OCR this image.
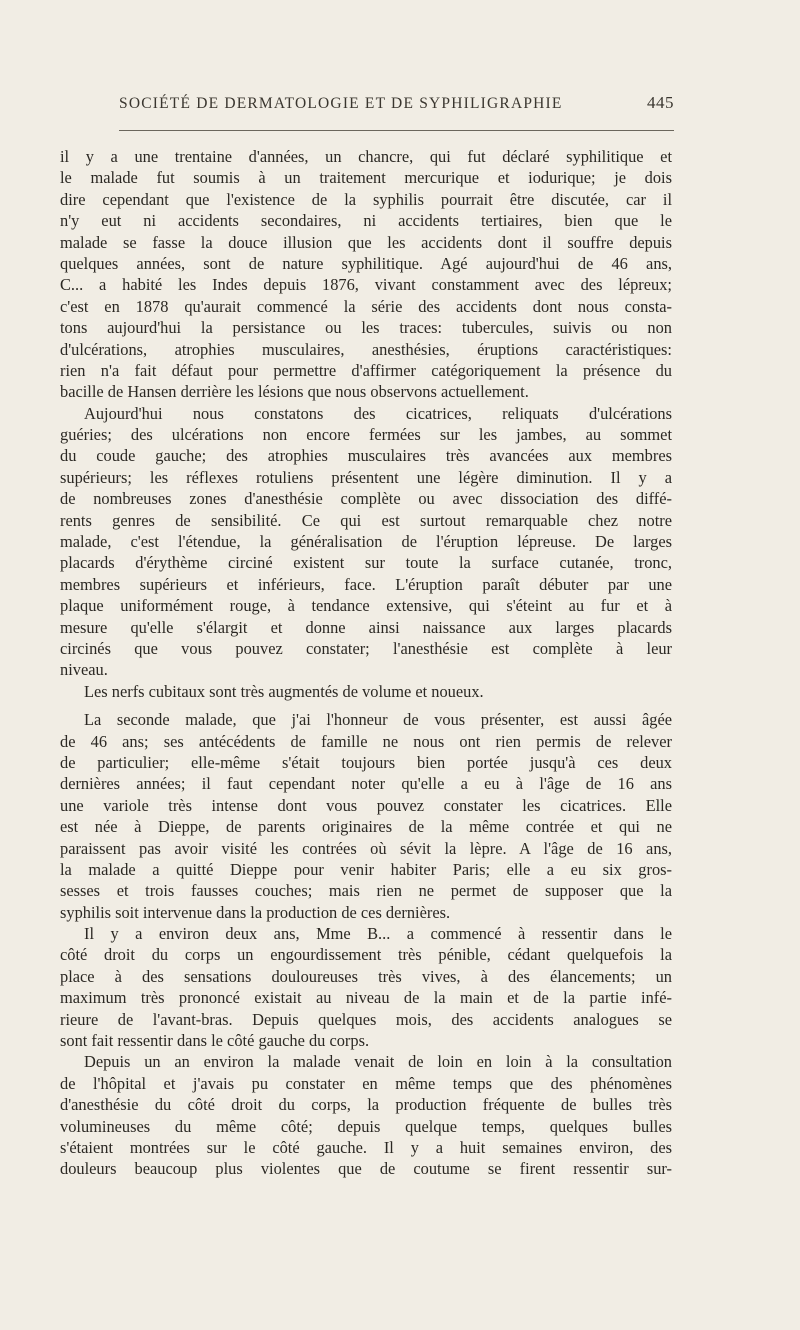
SOCIÉTÉ DE DERMATOLOGIE ET DE SYPHILIGRAPHIE	445
il y a une trentaine d'années, un chancre, qui fut déclaré syphilitique et
le malade fut soumis à un traitement mercurique et iodurique; je dois
dire cependant que l'existence de la syphilis pourrait être discutée, car il
n'y eut ni accidents secondaires, ni accidents tertiaires, bien que le
malade se fasse la douce illusion que les accidents dont il souffre depuis
quelques années, sont de nature syphilitique. Agé aujourd'hui de 46 ans,
C... a habité les Indes depuis 1876, vivant constamment avec des lépreux;
c'est en 1878 qu'aurait commencé la série des accidents dont nous consta-
tons aujourd'hui la persistance ou les traces: tubercules, suivis ou non
d'ulcérations, atrophies musculaires, anesthésies, éruptions caractéristiques:
rien n'a fait défaut pour permettre d'affirmer catégoriquement la présence du
bacille de Hansen derrière les lésions que nous observons actuellement.
Aujourd'hui nous constatons des cicatrices, reliquats d'ulcérations
guéries; des ulcérations non encore fermées sur les jambes, au sommet
du coude gauche; des atrophies musculaires très avancées aux membres
supérieurs; les réflexes rotuliens présentent une légère diminution. Il y a
de nombreuses zones d'anesthésie complète ou avec dissociation des diffé-
rents genres de sensibilité. Ce qui est surtout remarquable chez notre
malade, c'est l'étendue, la généralisation de l'éruption lépreuse. De larges
placards d'érythème circiné existent sur toute la surface cutanée, tronc,
membres supérieurs et inférieurs, face. L'éruption paraît débuter par une
plaque uniformément rouge, à tendance extensive, qui s'éteint au fur et à
mesure qu'elle s'élargit et donne ainsi naissance aux larges placards
circinés que vous pouvez constater; l'anesthésie est complète à leur
niveau.
Les nerfs cubitaux sont très augmentés de volume et noueux.
La seconde malade, que j'ai l'honneur de vous présenter, est aussi âgée
de 46 ans; ses antécédents de famille ne nous ont rien permis de relever
de particulier; elle-même s'était toujours bien portée jusqu'à ces deux
dernières années; il faut cependant noter qu'elle a eu à l'âge de 16 ans
une variole très intense dont vous pouvez constater les cicatrices. Elle
est née à Dieppe, de parents originaires de la même contrée et qui ne
paraissent pas avoir visité les contrées où sévit la lèpre. A l'âge de 16 ans,
la malade a quitté Dieppe pour venir habiter Paris; elle a eu six gros-
sesses et trois fausses couches; mais rien ne permet de supposer que la
syphilis soit intervenue dans la production de ces dernières.
Il y a environ deux ans, Mme B... a commencé à ressentir dans le
côté droit du corps un engourdissement très pénible, cédant quelquefois la
place à des sensations douloureuses très vives, à des élancements; un
maximum très prononcé existait au niveau de la main et de la partie infé-
rieure de l'avant-bras. Depuis quelques mois, des accidents analogues se
sont fait ressentir dans le côté gauche du corps.
Depuis un an environ la malade venait de loin en loin à la consultation
de l'hôpital et j'avais pu constater en même temps que des phénomènes
d'anesthésie du côté droit du corps, la production fréquente de bulles très
volumineuses du même côté; depuis quelque temps, quelques bulles
s'étaient montrées sur le côté gauche. Il y a huit semaines environ, des
douleurs beaucoup plus violentes que de coutume se firent ressentir sur-
